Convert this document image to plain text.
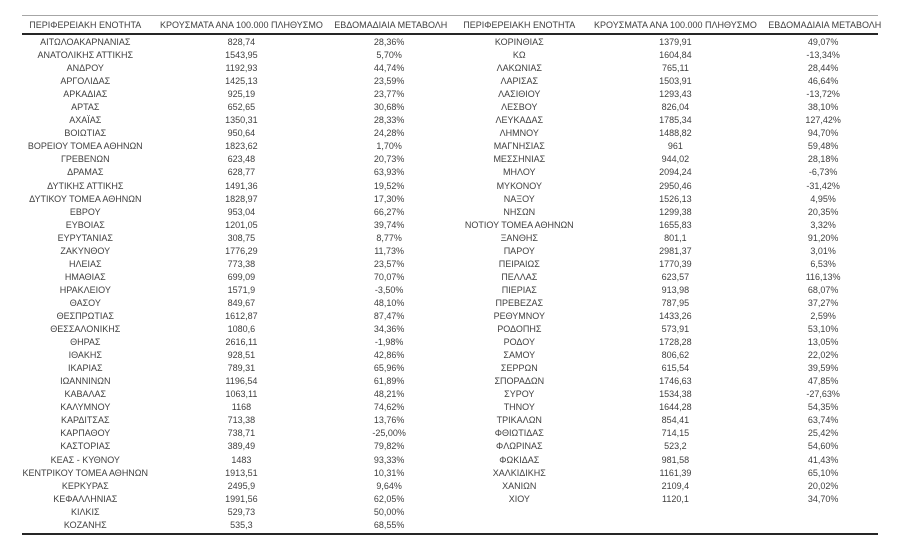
ΠΕΡΙΦΕΡΕΙΑΚΗ ΕΝΟΤΗΤΑ	ΚΡΟΥΣΜΑΤΑ ΑΝΑ 100.000 ΠΛΗΘΥΣΜΟ	ΕΒΔΟΜΑΔΙΑΙΑ ΜΕΤΑΒΟΛΗ	ΠΕΡΙΦΕΡΕΙΑΚΗ ΕΝΟΤΗΤΑ	ΚΡΟΥΣΜΑΤΑ ΑΝΑ 100.000 ΠΛΗΘΥΣΜΟ	ΕΒΔΟΜΑΔΙΑΙΑ ΜΕΤΑΒΟΛΗ
ΑΙΤΩΛΟΑΚΑΡΝΑΝΙΑΣ	828,74	28,36%
ΑΝΑΤΟΛΙΚΗΣ ΑΤΤΙΚΗΣ	1543,95	5,70%
ΑΝΔΡΟΥ	1192,93	44,74%
ΑΡΓΟΛΙΔΑΣ	1425,13	23,59%
ΑΡΚΑΔΙΑΣ	925,19	23,77%
ΑΡΤΑΣ	652,65	30,68%
ΑΧΑΪΑΣ	1350,31	28,33%
ΒΟΙΩΤΙΑΣ	950,64	24,28%
ΒΟΡΕΙΟΥ ΤΟΜΕΑ ΑΘΗΝΩΝ	1823,62	1,70%
ΓΡΕΒΕΝΩΝ	623,48	20,73%
ΔΡΑΜΑΣ	628,77	63,93%
ΔΥΤΙΚΗΣ ΑΤΤΙΚΗΣ	1491,36	19,52%
ΔΥΤΙΚΟΥ ΤΟΜΕΑ ΑΘΗΝΩΝ	1828,97	17,30%
ΕΒΡΟΥ	953,04	66,27%
ΕΥΒΟΙΑΣ	1201,05	39,74%
ΕΥΡΥΤΑΝΙΑΣ	308,75	8,77%
ΖΑΚΥΝΘΟΥ	1776,29	11,73%
ΗΛΕΙΑΣ	773,38	23,57%
ΗΜΑΘΙΑΣ	699,09	70,07%
ΗΡΑΚΛΕΙΟΥ	1571,9	-3,50%
ΘΑΣΟΥ	849,67	48,10%
ΘΕΣΠΡΩΤΙΑΣ	1612,87	87,47%
ΘΕΣΣΑΛΟΝΙΚΗΣ	1080,6	34,36%
ΘΗΡΑΣ	2616,11	-1,98%
ΙΘΑΚΗΣ	928,51	42,86%
ΙΚΑΡΙΑΣ	789,31	65,96%
ΙΩΑΝΝΙΝΩΝ	1196,54	61,89%
ΚΑΒΑΛΑΣ	1063,11	48,21%
ΚΑΛΥΜΝΟΥ	1168	74,62%
ΚΑΡΔΙΤΣΑΣ	713,38	13,76%
ΚΑΡΠΑΘΟΥ	738,71	-25,00%
ΚΑΣΤΟΡΙΑΣ	389,49	79,82%
ΚΕΑΣ - ΚΥΘΝΟΥ	1483	93,33%
ΚΕΝΤΡΙΚΟΥ ΤΟΜΕΑ ΑΘΗΝΩΝ	1913,51	10,31%
ΚΕΡΚΥΡΑΣ	2495,9	9,64%
ΚΕΦΑΛΛΗΝΙΑΣ	1991,56	62,05%
ΚΙΛΚΙΣ	529,73	50,00%
ΚΟΖΑΝΗΣ	535,3	68,55%
ΚΟΡΙΝΘΙΑΣ	1379,91	49,07%
ΚΩ	1604,84	-13,34%
ΛΑΚΩΝΙΑΣ	765,11	28,44%
ΛΑΡΙΣΑΣ	1503,91	46,64%
ΛΑΣΙΘΙΟΥ	1293,43	-13,72%
ΛΕΣΒΟΥ	826,04	38,10%
ΛΕΥΚΑΔΑΣ	1785,34	127,42%
ΛΗΜΝΟΥ	1488,82	94,70%
ΜΑΓΝΗΣΙΑΣ	961	59,48%
ΜΕΣΣΗΝΙΑΣ	944,02	28,18%
ΜΗΛΟΥ	2094,24	-6,73%
ΜΥΚΟΝΟΥ	2950,46	-31,42%
ΝΑΞΟΥ	1526,13	4,95%
ΝΗΣΩΝ	1299,38	20,35%
ΝΟΤΙΟΥ ΤΟΜΕΑ ΑΘΗΝΩΝ	1655,83	3,32%
ΞΑΝΘΗΣ	801,1	91,20%
ΠΑΡΟΥ	2981,37	3,01%
ΠΕΙΡΑΙΩΣ	1770,39	6,53%
ΠΕΛΛΑΣ	623,57	116,13%
ΠΙΕΡΙΑΣ	913,98	68,07%
ΠΡΕΒΕΖΑΣ	787,95	37,27%
ΡΕΘΥΜΝΟΥ	1433,26	2,59%
ΡΟΔΟΠΗΣ	573,91	53,10%
ΡΟΔΟΥ	1728,28	13,05%
ΣΑΜΟΥ	806,62	22,02%
ΣΕΡΡΩΝ	615,54	39,59%
ΣΠΟΡΑΔΩΝ	1746,63	47,85%
ΣΥΡΟΥ	1534,38	-27,63%
ΤΗΝΟΥ	1644,28	54,35%
ΤΡΙΚΑΛΩΝ	854,41	63,74%
ΦΘΙΩΤΙΔΑΣ	714,15	25,42%
ΦΛΩΡΙΝΑΣ	523,2	54,60%
ΦΩΚΙΔΑΣ	981,58	41,43%
ΧΑΛΚΙΔΙΚΗΣ	1161,39	65,10%
ΧΑΝΙΩΝ	2109,4	20,02%
ΧΙΟΥ	1120,1	34,70%
